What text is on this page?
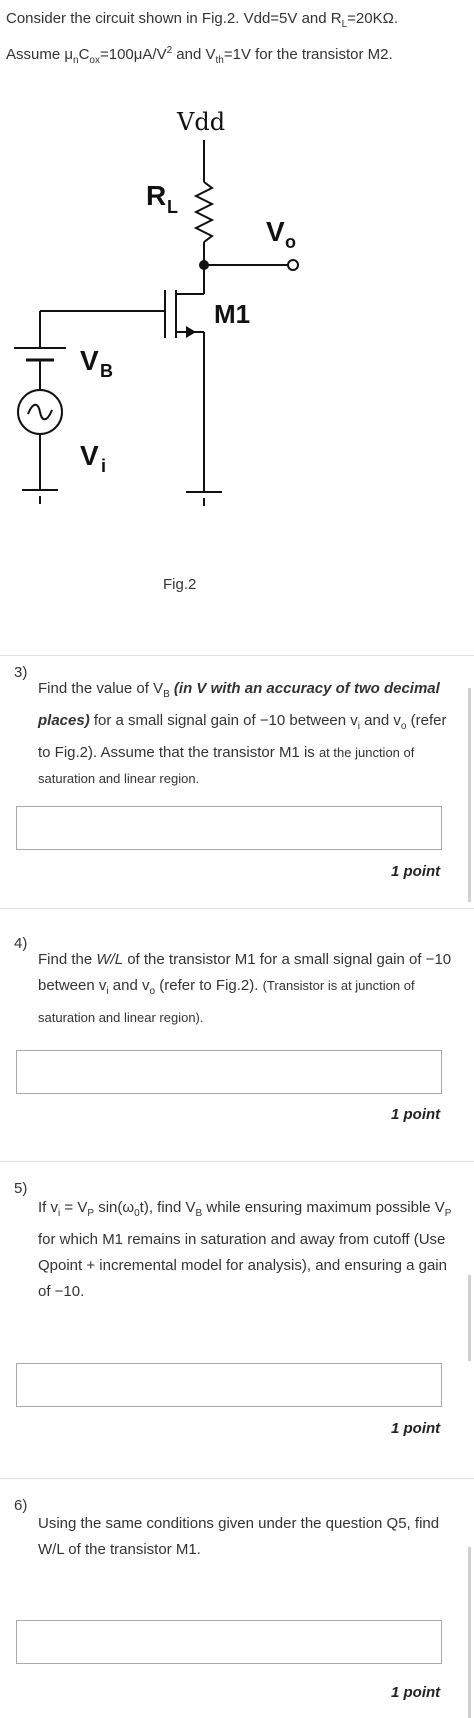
Consider the circuit shown in Fig.2. Vdd=5V and $R_L=20K\Omega$.
Assume $\mu_nC_{ox}=100\mu A/V^2$ and $V_{th}=1V$ for the transistor M2.
Vdd
R L
V o
M1
V B
V i
Fig.2
3)
Find the value of $V_B$ (in V with an accuracy of two decimal places) for a small signal gain of −10 between $v_i$ and $v_o$ (refer to Fig.2). Assume that the transistor M1 is at the junction of saturation and linear region.
1 point
4)
Find the W/L of the transistor M1 for a small signal gain of −10 between $v_i$ and $v_o$ (refer to Fig.2). (Transistor is at junction of saturation and linear region).
1 point
5)
If $v_i = V_P$ $\sin(\omega_0t)$, find $V_B$ while ensuring maximum possible $V_P$ for which M1 remains in saturation and away from cutoff (Use Qpoint + incremental model for analysis), and ensuring a gain of −10.
1 point
6)
Using the same conditions given under the question Q5, find W/L of the transistor M1.
1 point
